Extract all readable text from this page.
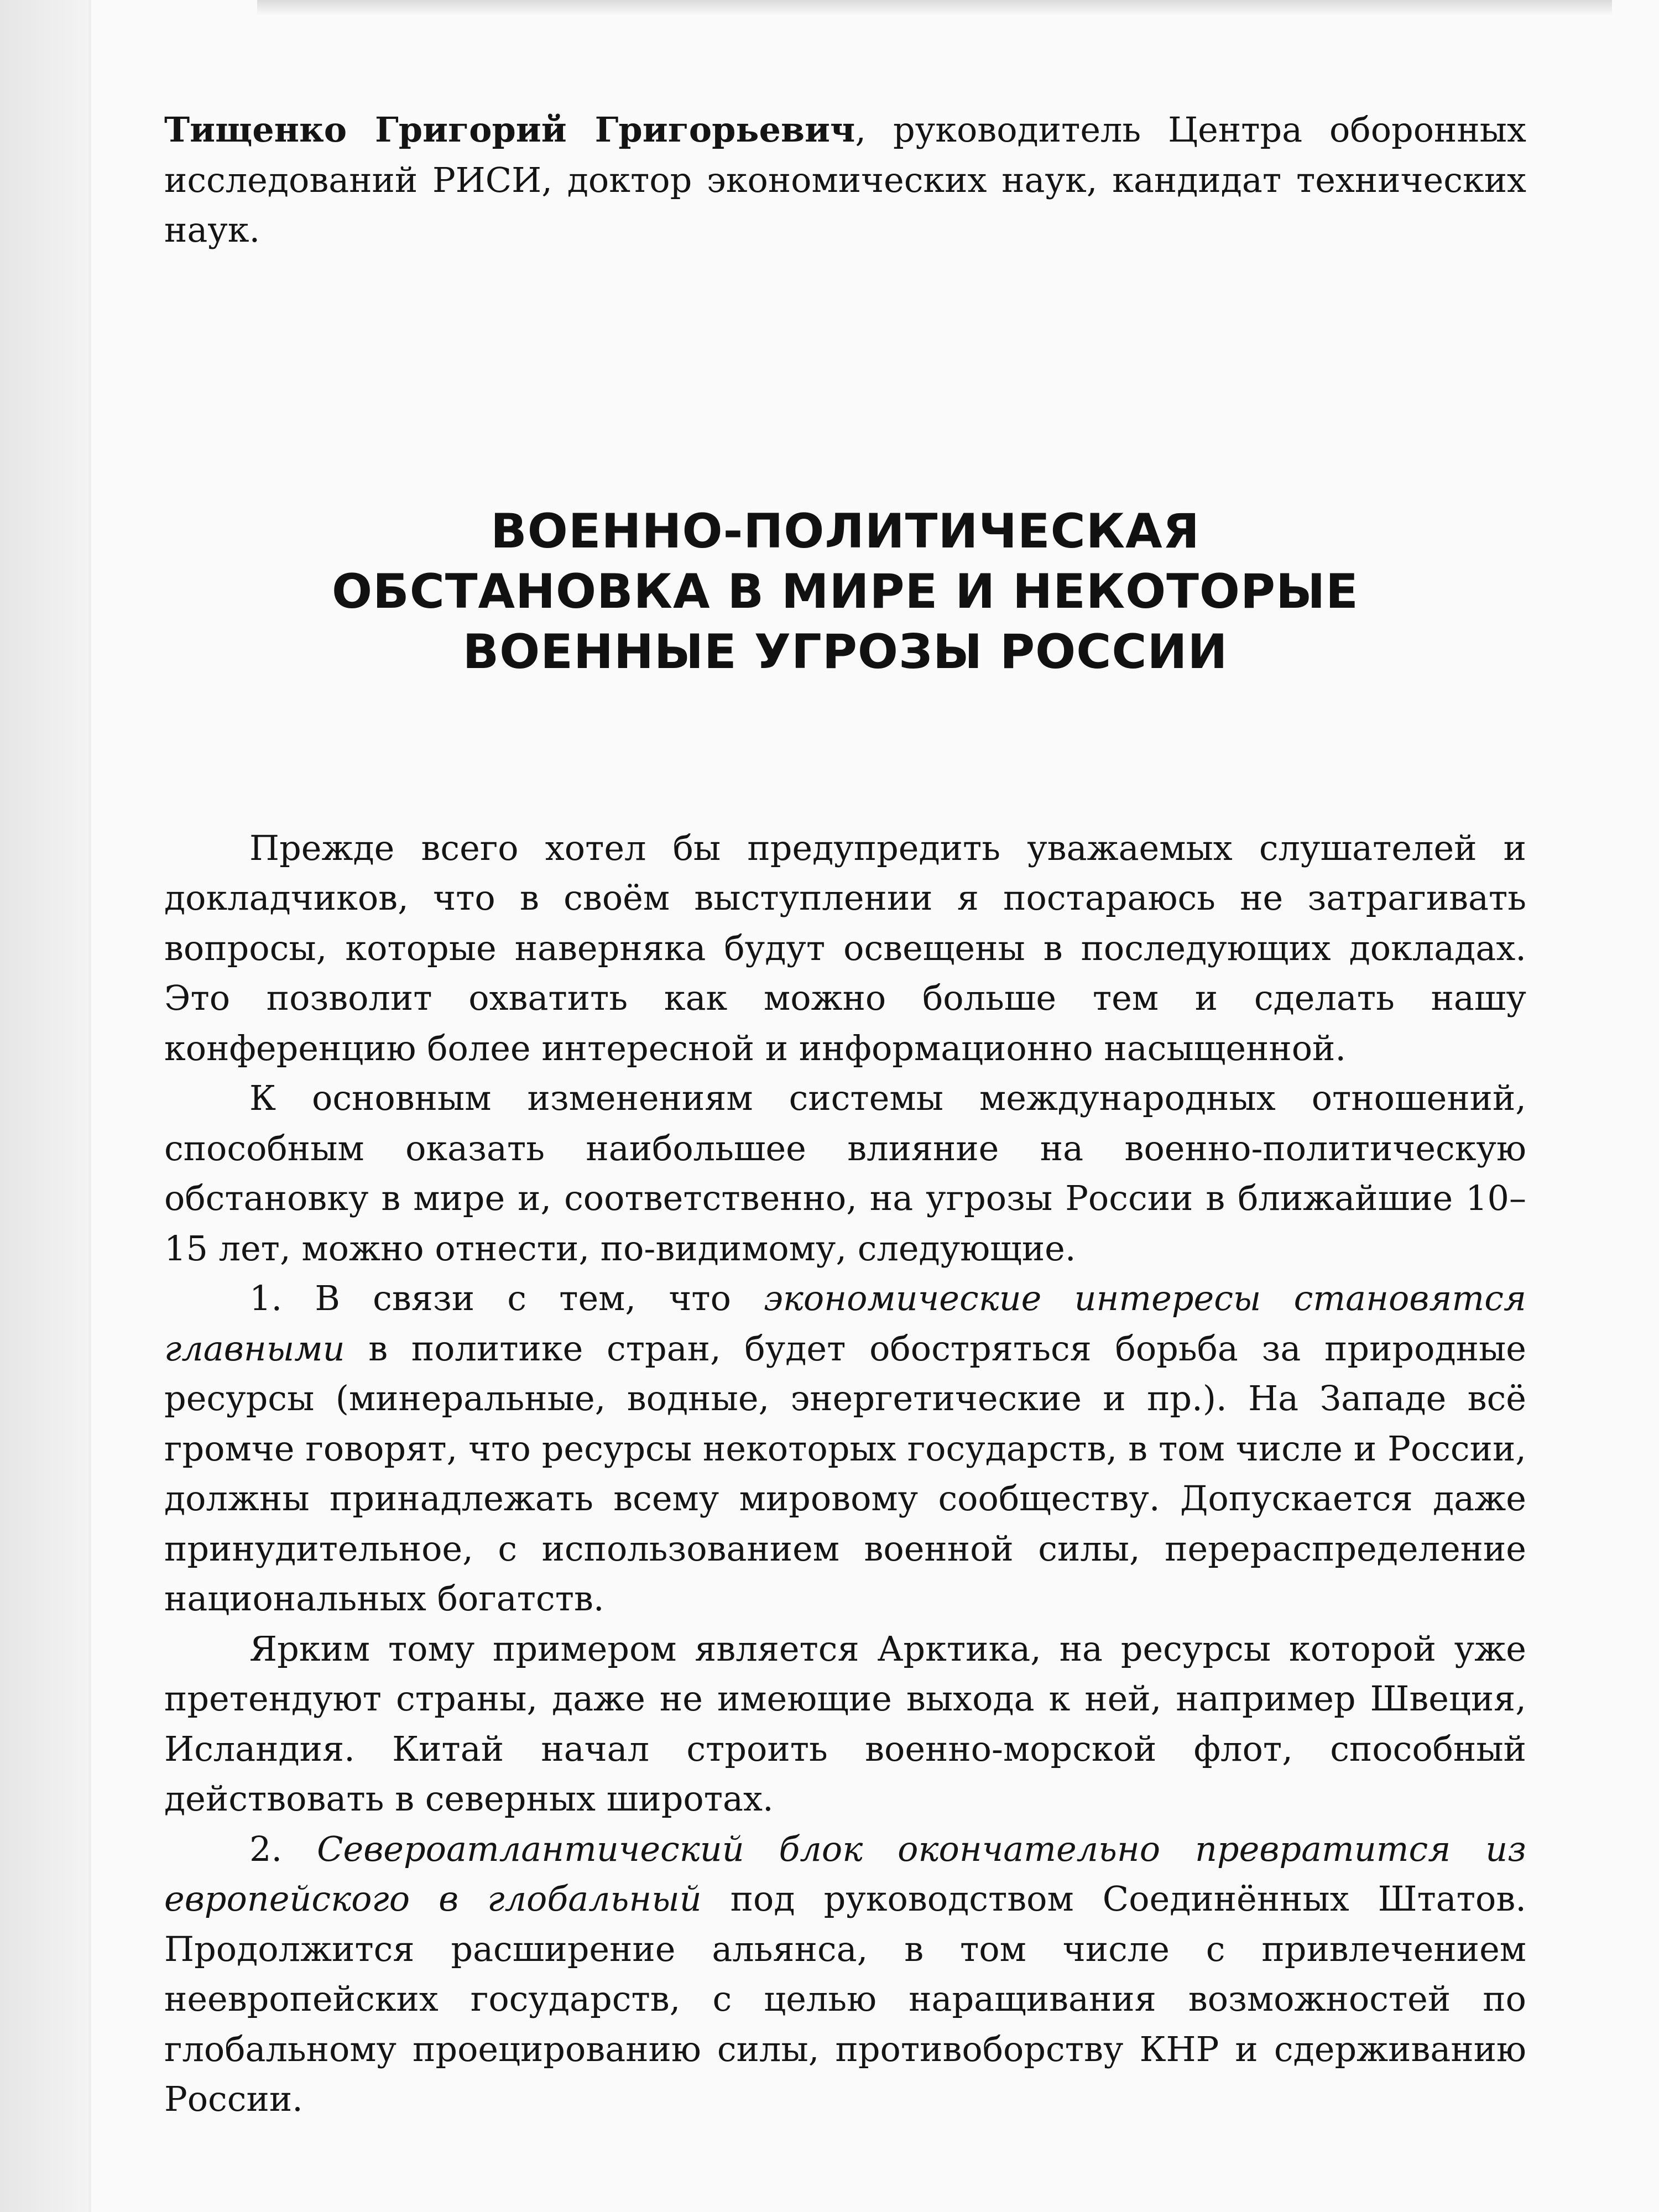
Тищенко Григорий Григорьевич, руководитель Центра оборонных исследований РИСИ, доктор экономических наук, кандидат технических наук.

ВОЕННО-ПОЛИТИЧЕСКАЯ
ОБСТАНОВКА В МИРЕ И НЕКОТОРЫЕ
ВОЕННЫЕ УГРОЗЫ РОССИИ

Прежде всего хотел бы предупредить уважаемых слушателей и докладчиков, что в своём выступлении я постараюсь не затрагивать вопросы, которые наверняка будут освещены в последующих докладах. Это позволит охватить как можно больше тем и сделать нашу конференцию более интересной и информационно насыщенной.

К основным изменениям системы международных отношений, способным оказать наибольшее влияние на военно-политическую обстановку в мире и, соответственно, на угрозы России в ближайшие 10–15 лет, можно отнести, по-видимому, следующие.

1. В связи с тем, что экономические интересы становятся главными в политике стран, будет обостряться борьба за природные ресурсы (минеральные, водные, энергетические и пр.). На Западе всё громче говорят, что ресурсы некоторых государств, в том числе и России, должны принадлежать всему мировому сообществу. Допускается даже принудительное, с использованием военной силы, перераспределение национальных богатств.

Ярким тому примером является Арктика, на ресурсы которой уже претендуют страны, даже не имеющие выхода к ней, например Швеция, Исландия. Китай начал строить военно-морской флот, способный действовать в северных широтах.

2. Североатлантический блок окончательно превратится из европейского в глобальный под руководством Соединённых Штатов. Продолжится расширение альянса, в том числе с привлечением неевропейских государств, с целью наращивания возможностей по глобальному проецированию силы, противоборству КНР и сдерживанию России.
